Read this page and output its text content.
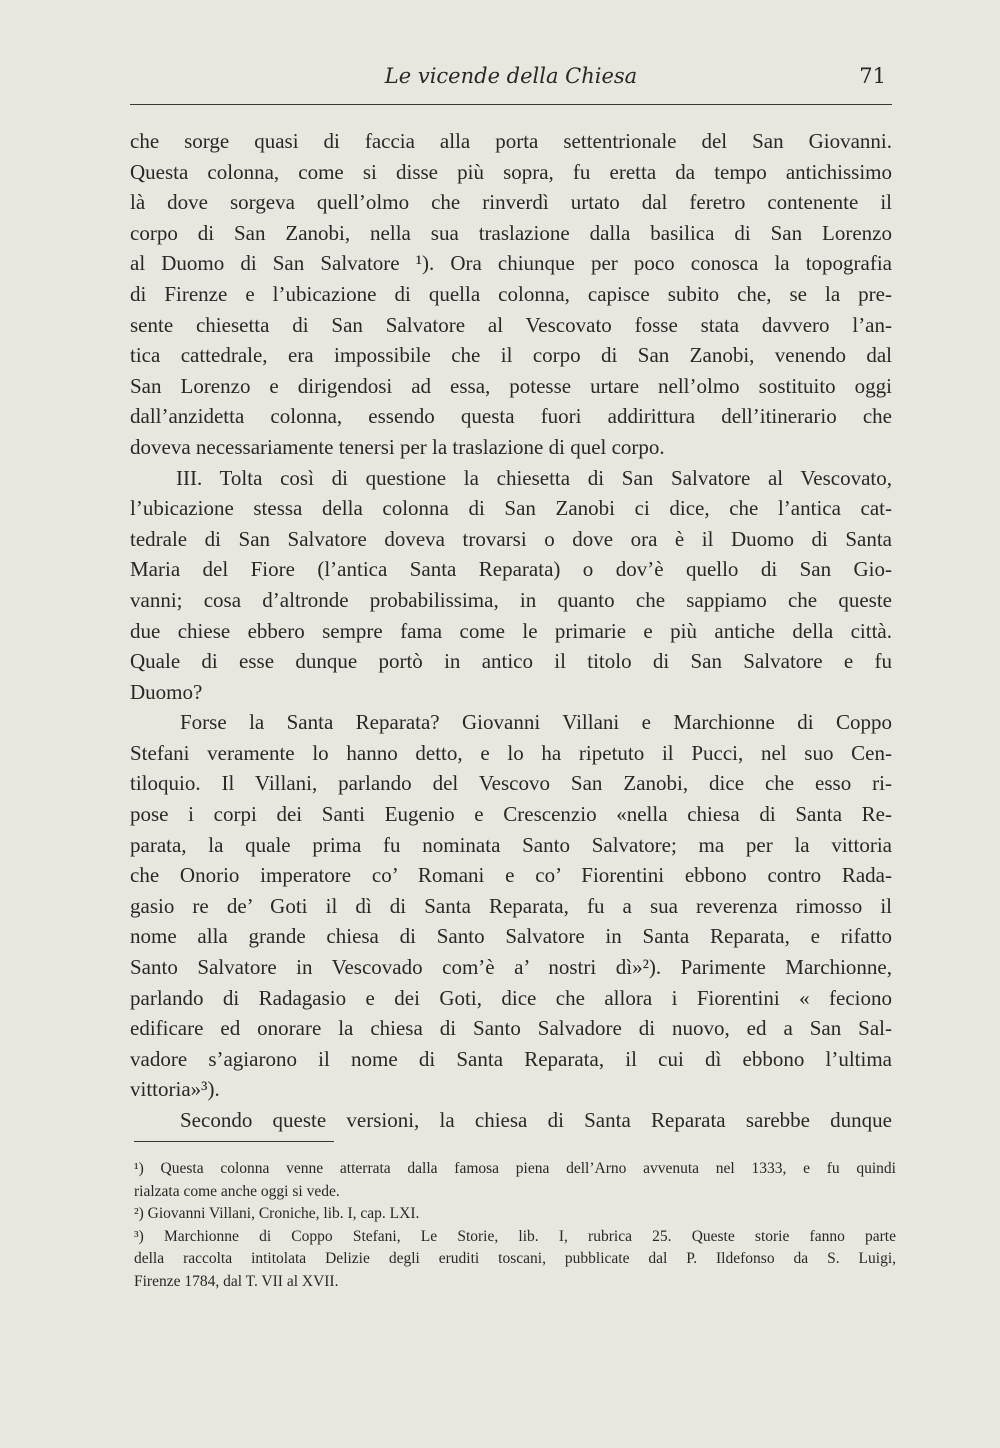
Le vicende della Chiesa	71
che sorge quasi di faccia alla porta settentrionale del San Giovanni.
Questa colonna, come si disse più sopra, fu eretta da tempo antichissimo
là dove sorgeva quell’olmo che rinverdì urtato dal feretro contenente il
corpo di San Zanobi, nella sua traslazione dalla basilica di San Lorenzo
al Duomo di San Salvatore ¹). Ora chiunque per poco conosca la topografia
di Firenze e l’ubicazione di quella colonna, capisce subito che, se la pre-
sente chiesetta di San Salvatore al Vescovato fosse stata davvero l’an-
tica cattedrale, era impossibile che il corpo di San Zanobi, venendo dal
San Lorenzo e dirigendosi ad essa, potesse urtare nell’olmo sostituito oggi
dall’anzidetta colonna, essendo questa fuori addirittura dell’itinerario che
doveva necessariamente tenersi per la traslazione di quel corpo.
III. Tolta così di questione la chiesetta di San Salvatore al Vescovato,
l’ubicazione stessa della colonna di San Zanobi ci dice, che l’antica cat-
tedrale di San Salvatore doveva trovarsi o dove ora è il Duomo di Santa
Maria del Fiore (l’antica Santa Reparata) o dov’è quello di San Gio-
vanni; cosa d’altronde probabilissima, in quanto che sappiamo che queste
due chiese ebbero sempre fama come le primarie e più antiche della città.
Quale di esse dunque portò in antico il titolo di San Salvatore e fu
Duomo?
Forse la Santa Reparata? Giovanni Villani e Marchionne di Coppo
Stefani veramente lo hanno detto, e lo ha ripetuto il Pucci, nel suo Cen-
tiloquio. Il Villani, parlando del Vescovo San Zanobi, dice che esso ri-
pose i corpi dei Santi Eugenio e Crescenzio «nella chiesa di Santa Re-
parata, la quale prima fu nominata Santo Salvatore; ma per la vittoria
che Onorio imperatore co’ Romani e co’ Fiorentini ebbono contro Rada-
gasio re de’ Goti il dì di Santa Reparata, fu a sua reverenza rimosso il
nome alla grande chiesa di Santo Salvatore in Santa Reparata, e rifatto
Santo Salvatore in Vescovado com’è a’ nostri dì»²). Parimente Marchionne,
parlando di Radagasio e dei Goti, dice che allora i Fiorentini « feciono
edificare ed onorare la chiesa di Santo Salvadore di nuovo, ed a San Sal-
vadore s’agiarono il nome di Santa Reparata, il cui dì ebbono l’ultima
vittoria»³).
Secondo queste versioni, la chiesa di Santa Reparata sarebbe dunque
¹) Questa colonna venne atterrata dalla famosa piena dell’Arno avvenuta nel 1333, e fu quindi
rialzata come anche oggi si vede.
²) Giovanni Villani, Croniche, lib. I, cap. LXI.
³) Marchionne di Coppo Stefani, Le Storie, lib. I, rubrica 25. Queste storie fanno parte
della raccolta intitolata Delizie degli eruditi toscani, pubblicate dal P. Ildefonso da S. Luigi,
Firenze 1784, dal T. VII al XVII.
